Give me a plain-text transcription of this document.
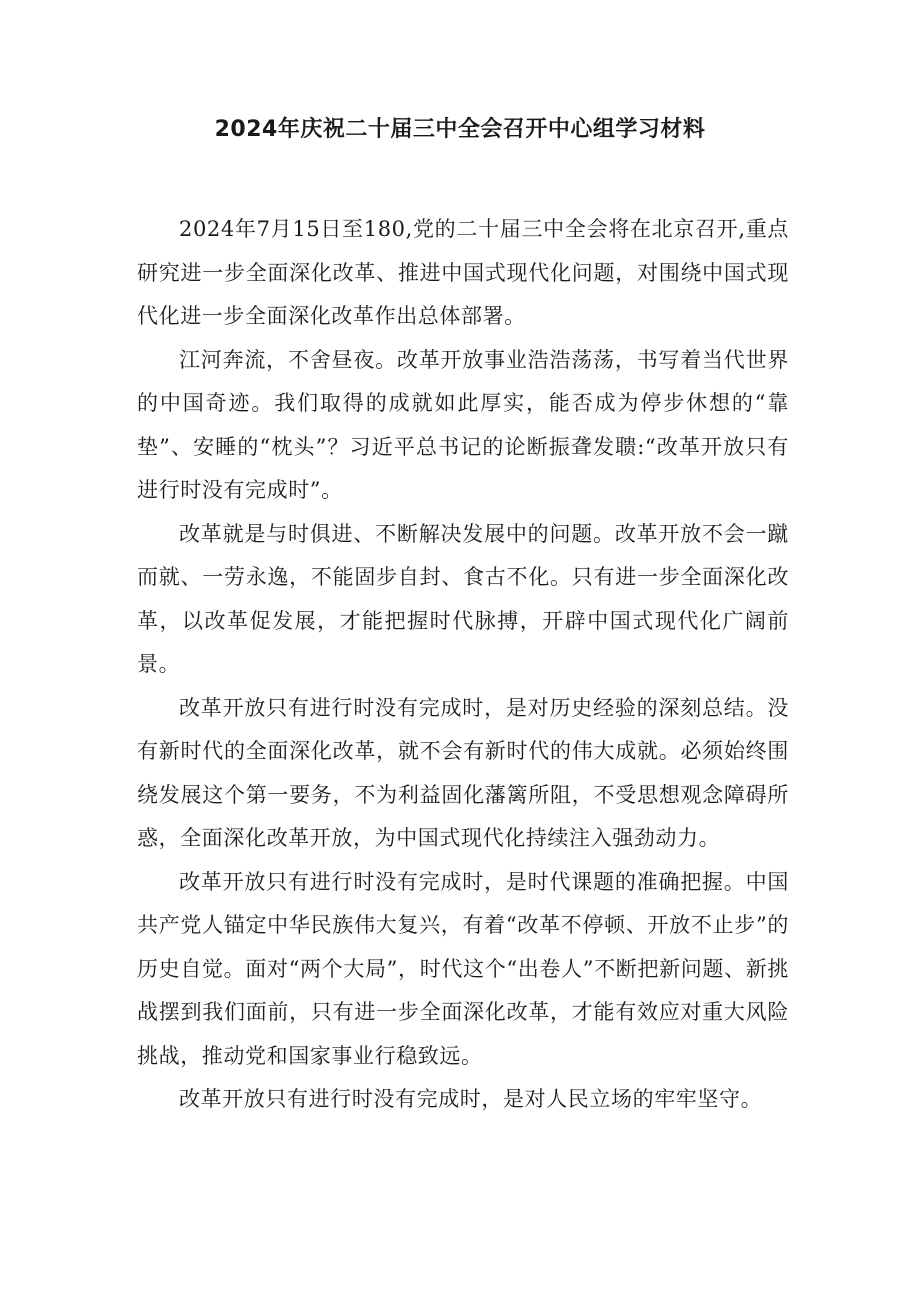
2024年庆祝二十届三中全会召开中心组学习材料

2024年7月15日至180,党的二十届三中全会将在北京召开,重点研究进一步全面深化改革、推进中国式现代化问题，对围绕中国式现代化进一步全面深化改革作出总体部署。

江河奔流，不舍昼夜。改革开放事业浩浩荡荡，书写着当代世界的中国奇迹。我们取得的成就如此厚实，能否成为停步休想的“靠垫”、安睡的“枕头”？习近平总书记的论断振聋发聩:“改革开放只有进行时没有完成时”。

改革就是与时俱进、不断解决发展中的问题。改革开放不会一蹴而就、一劳永逸，不能固步自封、食古不化。只有进一步全面深化改革，以改革促发展，才能把握时代脉搏，开辟中国式现代化广阔前景。

改革开放只有进行时没有完成时，是对历史经验的深刻总结。没有新时代的全面深化改革，就不会有新时代的伟大成就。必须始终围绕发展这个第一要务，不为利益固化藩篱所阻，不受思想观念障碍所惑，全面深化改革开放，为中国式现代化持续注入强劲动力。

改革开放只有进行时没有完成时，是时代课题的准确把握。中国共产党人锚定中华民族伟大复兴，有着“改革不停顿、开放不止步”的历史自觉。面对“两个大局”，时代这个“出卷人”不断把新问题、新挑战摆到我们面前，只有进一步全面深化改革，才能有效应对重大风险挑战，推动党和国家事业行稳致远。

改革开放只有进行时没有完成时，是对人民立场的牢牢坚守。
